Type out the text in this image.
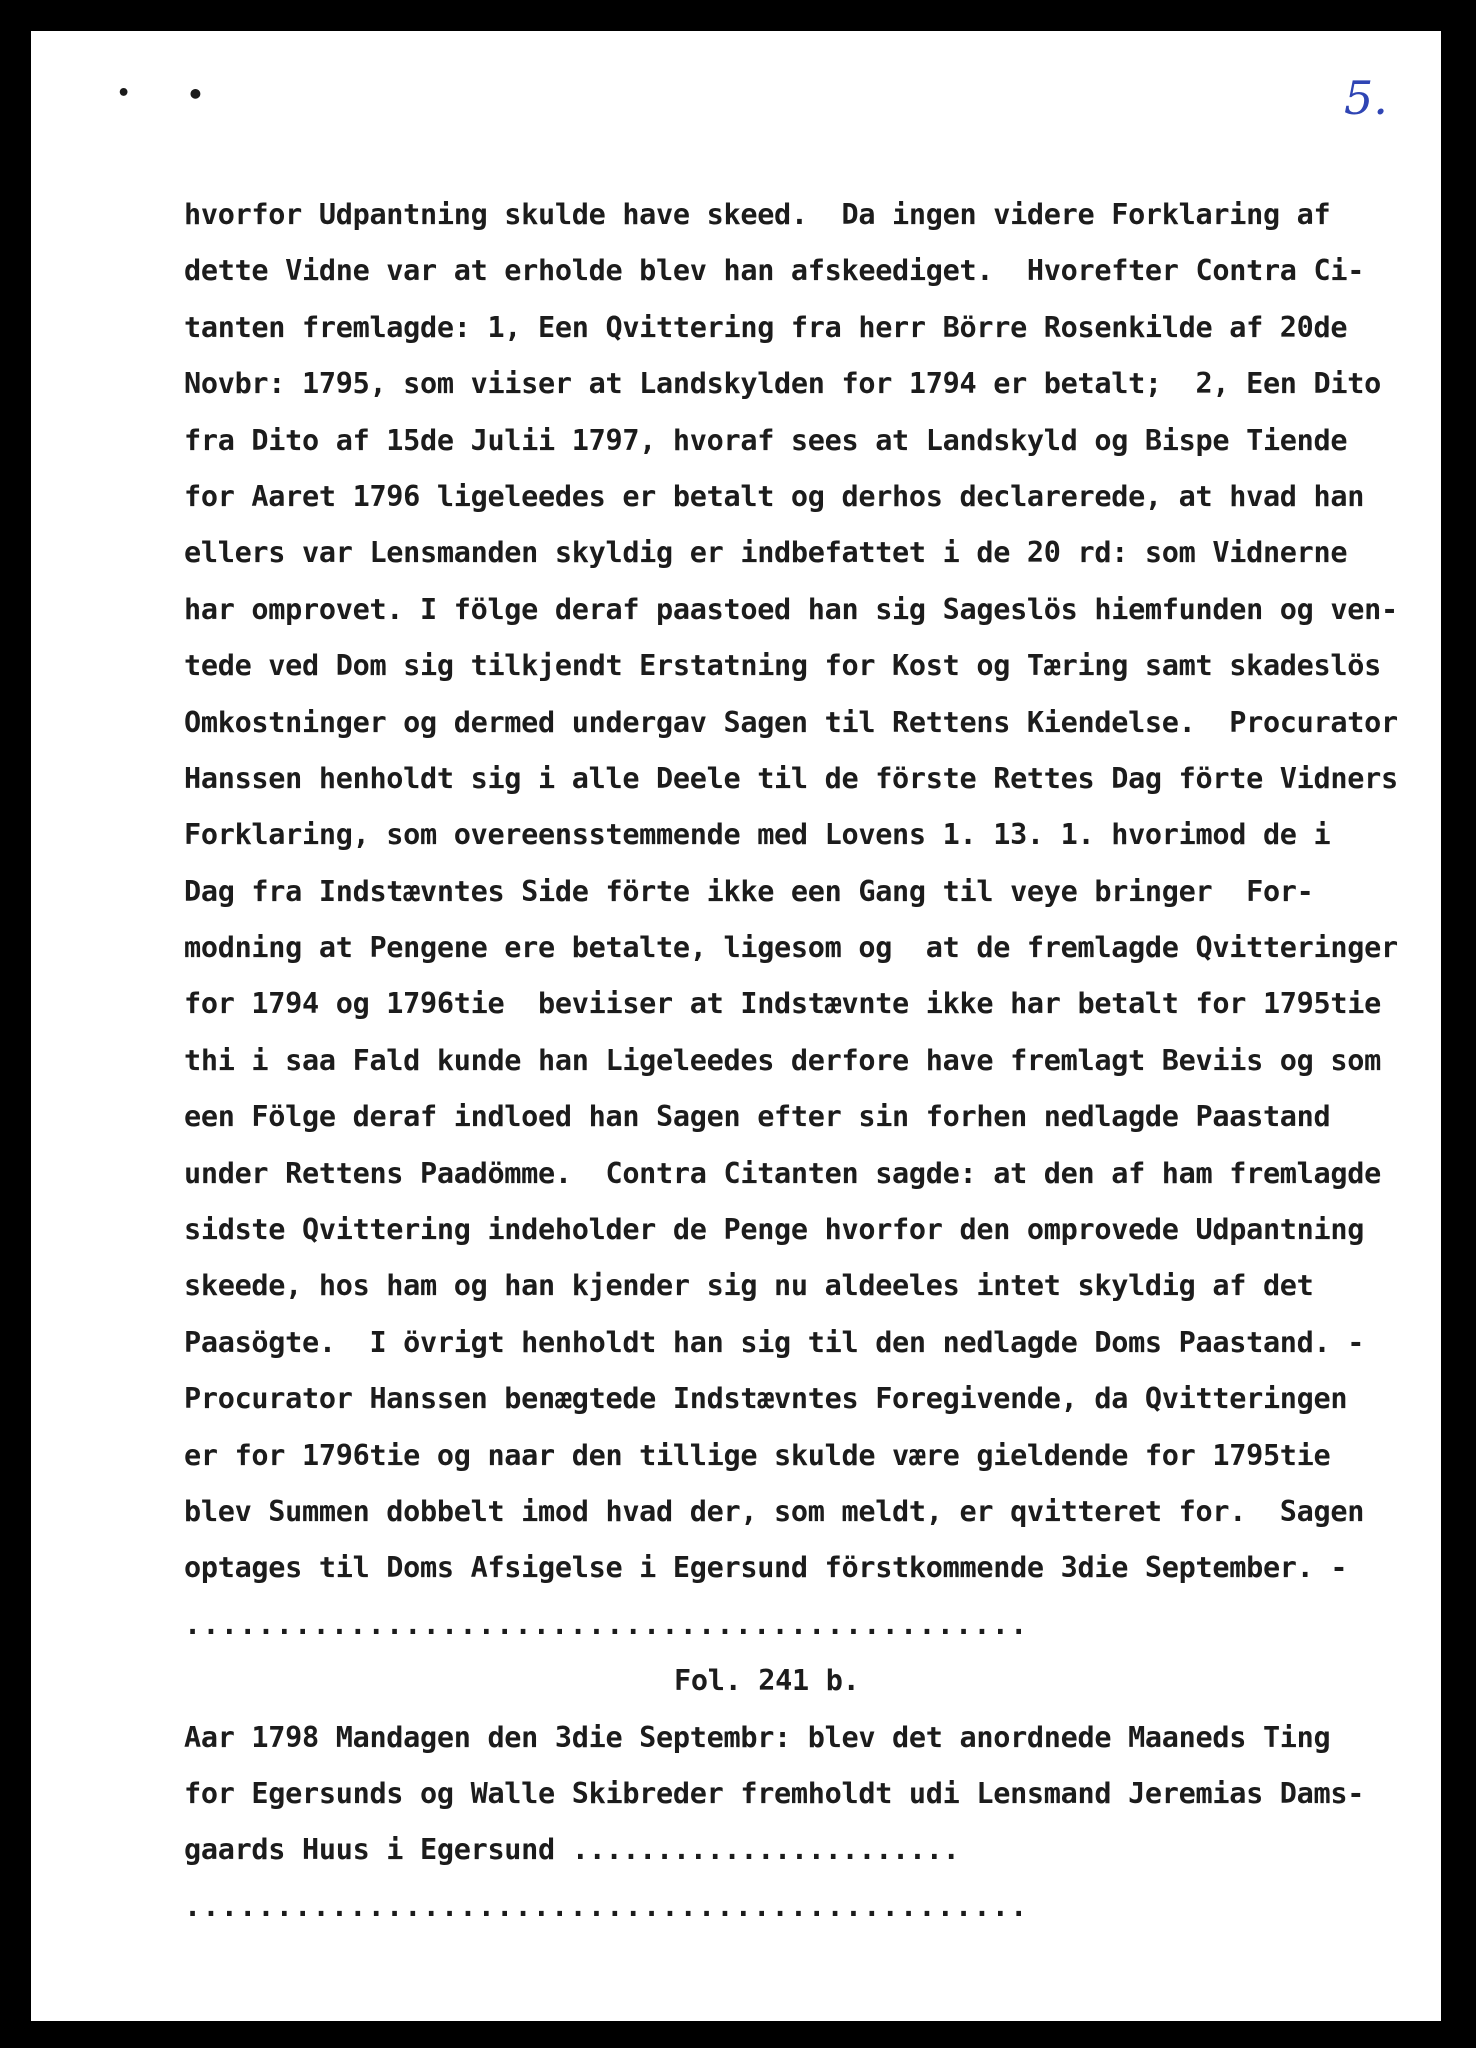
• •	5.
hvorfor Udpantning skulde have skeed.  Da ingen videre Forklaring af
dette Vidne var at erholde blev han afskeediget.  Hvorefter Contra Ci-
tanten fremlagde: 1, Een Qvittering fra herr Börre Rosenkilde af 20de
Novbr: 1795, som viiser at Landskylden for 1794 er betalt;  2, Een Dito
fra Dito af 15de Julii 1797, hvoraf sees at Landskyld og Bispe Tiende
for Aaret 1796 ligeleedes er betalt og derhos declarerede, at hvad han
ellers var Lensmanden skyldig er indbefattet i de 20 rd: som Vidnerne
har omprovet. I fölge deraf paastoed han sig Sageslös hiemfunden og ven-
tede ved Dom sig tilkjendt Erstatning for Kost og Tæring samt skadeslös
Omkostninger og dermed undergav Sagen til Rettens Kiendelse.  Procurator
Hanssen henholdt sig i alle Deele til de förste Rettes Dag förte Vidners
Forklaring, som overeensstemmende med Lovens 1. 13. 1. hvorimod de i
Dag fra Indstævntes Side förte ikke een Gang til veye bringer  For-
modning at Pengene ere betalte, ligesom og  at de fremlagde Qvitteringer
for 1794 og 1796tie  beviiser at Indstævnte ikke har betalt for 1795tie
thi i saa Fald kunde han Ligeleedes derfore have fremlagt Beviis og som
een Fölge deraf indloed han Sagen efter sin forhen nedlagde Paastand
under Rettens Paadömme.  Contra Citanten sagde: at den af ham fremlagde
sidste Qvittering indeholder de Penge hvorfor den omprovede Udpantning
skeede, hos ham og han kjender sig nu aldeeles intet skyldig af det
Paasögte.  I övrigt henholdt han sig til den nedlagde Doms Paastand. -
Procurator Hanssen benægtede Indstævntes Foregivende, da Qvitteringen
er for 1796tie og naar den tillige skulde være gieldende for 1795tie
blev Summen dobbelt imod hvad der, som meldt, er qvitteret for.  Sagen
optages til Doms Afsigelse i Egersund förstkommende 3die September. -
..............................................
Fol. 241 b.
Aar 1798 Mandagen den 3die Septembr: blev det anordnede Maaneds Ting
for Egersunds og Walle Skibreder fremholdt udi Lensmand Jeremias Dams-
gaards Huus i Egersund .......................
..............................................
